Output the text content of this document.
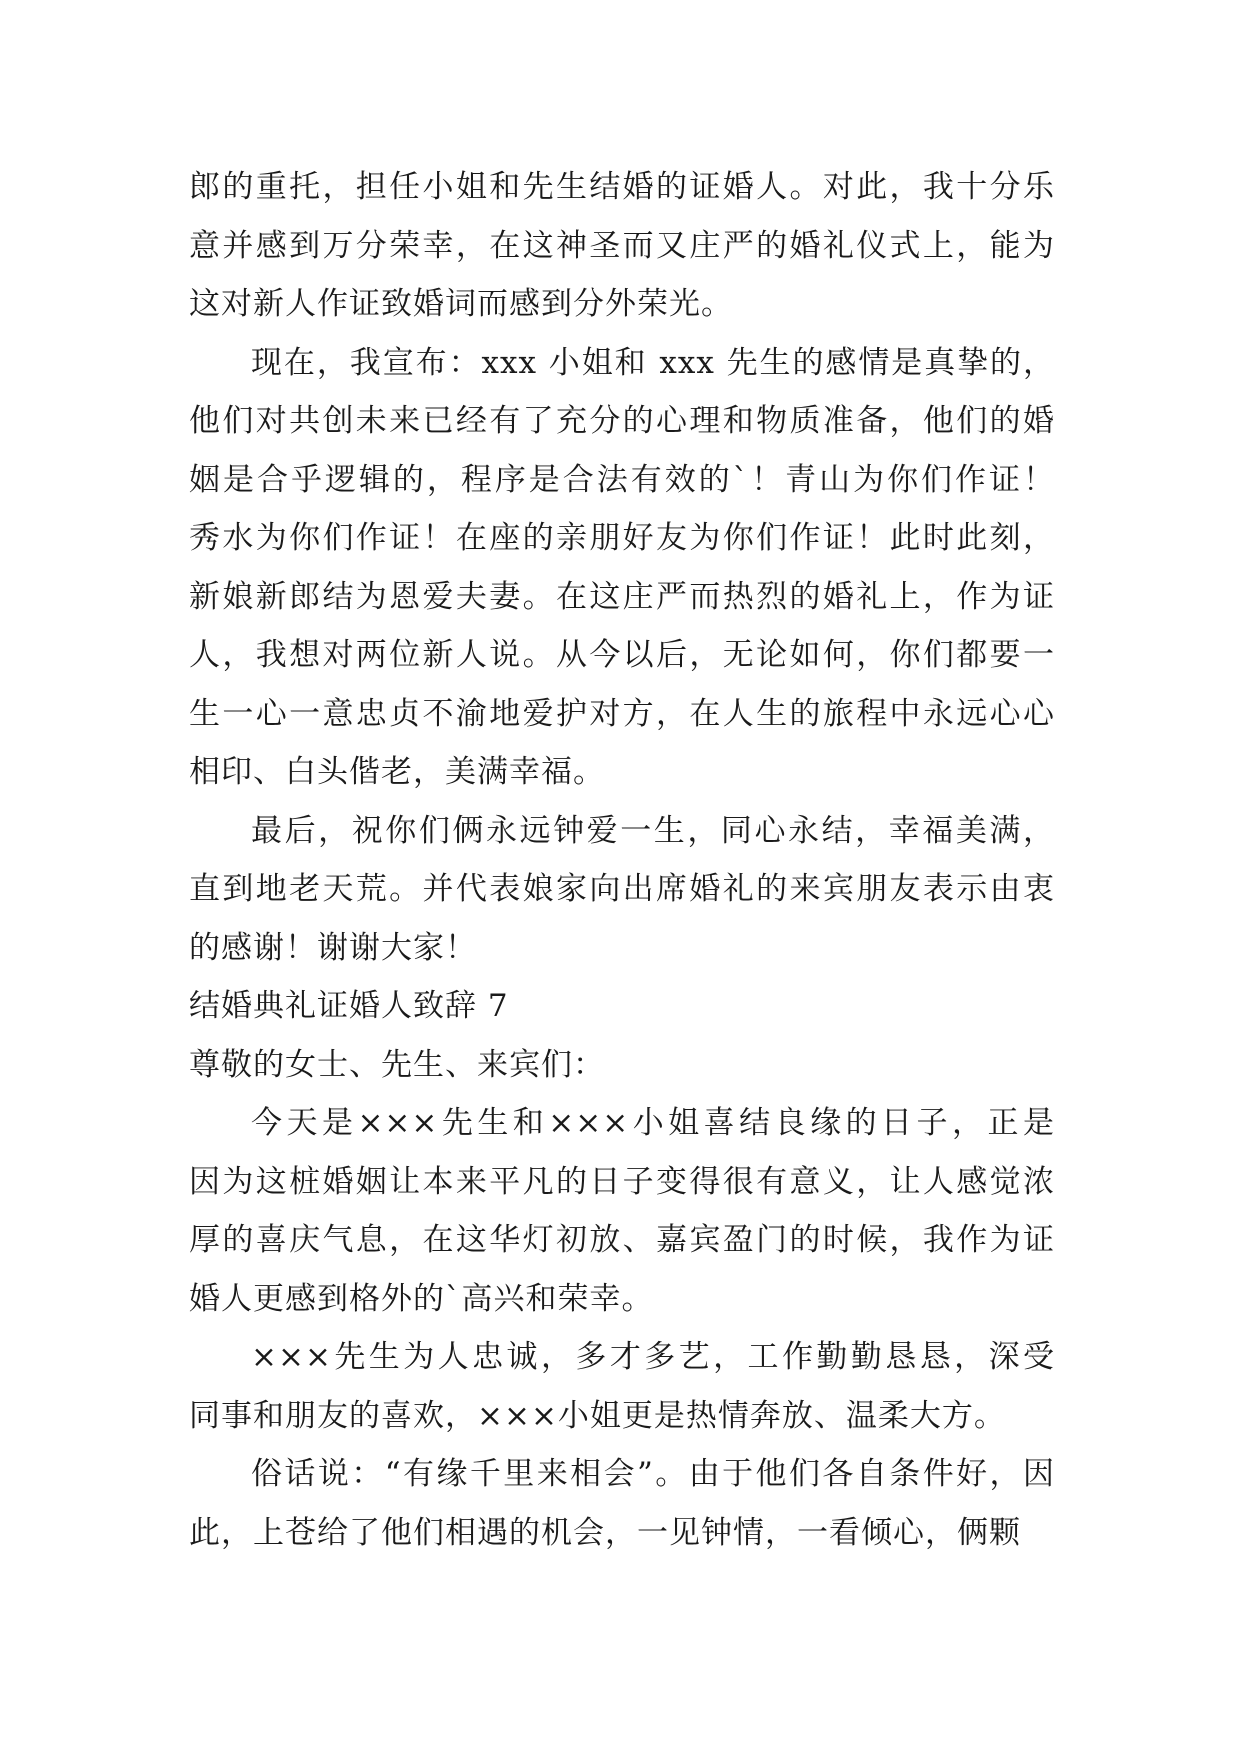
郎的重托，担任小姐和先生结婚的证婚人。对此，我十分乐
意并感到万分荣幸，在这神圣而又庄严的婚礼仪式上，能为
这对新人作证致婚词而感到分外荣光。
现在，我宣布：xxx 小姐和 xxx 先生的感情是真挚的，
他们对共创未来已经有了充分的心理和物质准备，他们的婚
姻是合乎逻辑的，程序是合法有效的`！青山为你们作证！
秀水为你们作证！在座的亲朋好友为你们作证！此时此刻，
新娘新郎结为恩爱夫妻。在这庄严而热烈的婚礼上，作为证
人，我想对两位新人说。从今以后，无论如何，你们都要一
生一心一意忠贞不渝地爱护对方，在人生的旅程中永远心心
相印、白头偕老，美满幸福。
最后，祝你们俩永远钟爱一生，同心永结，幸福美满，
直到地老天荒。并代表娘家向出席婚礼的来宾朋友表示由衷
的感谢！谢谢大家！
结婚典礼证婚人致辞 7
尊敬的女士、先生、来宾们：
今天是×××先生和×××小姐喜结良缘的日子，正是
因为这桩婚姻让本来平凡的日子变得很有意义，让人感觉浓
厚的喜庆气息，在这华灯初放、嘉宾盈门的时候，我作为证
婚人更感到格外的`高兴和荣幸。
×××先生为人忠诚，多才多艺，工作勤勤恳恳，深受
同事和朋友的喜欢，×××小姐更是热情奔放、温柔大方。
俗话说：“有缘千里来相会”。由于他们各自条件好，因
此，上苍给了他们相遇的机会，一见钟情，一看倾心，俩颗
